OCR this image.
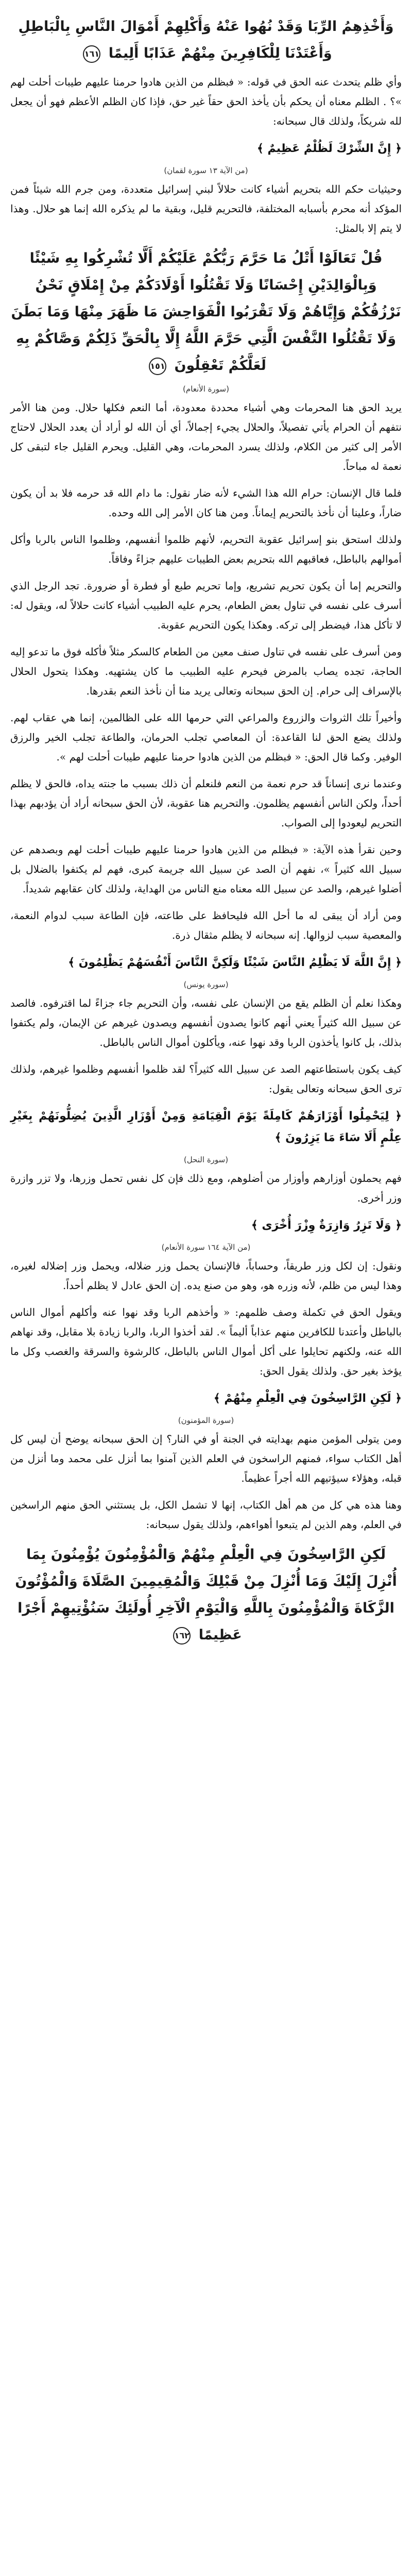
وَأَخْذِهِمُ الرِّبَا وَقَدْ نُهُوا عَنْهُ وَأَكْلِهِمْ أَمْوَالَ النَّاسِ بِالْبَاطِلِ وَأَعْتَدْنَا لِلْكَافِرِينَ مِنْهُمْ عَذَابًا أَلِيمًا ١٦١

وأي ظلم يتحدث عنه الحق في قوله: « فبظلم من الذين هادوا حرمنا عليهم طيبات أحلت لهم »؟ . الظلم معناه أن يحكم بأن يأخذ الحق حقاً غير حق، فإذا كان الظلم الأعظم فهو أن يجعل لله شريكاً، ولذلك قال سبحانه:

﴿ إِنَّ الشِّرْكَ لَظُلْمٌ عَظِيمٌ ﴾
(من الآية ١٣ سورة لقمان)

وحيثيات حكم الله بتحريم أشياء كانت حلالاً لبني إسرائيل متعددة، ومن جرم الله شيئاً فمن المؤكد أنه محرم بأسبابه المختلفة، فالتحريم قليل، وبقية ما لم يذكره الله إنما هو حلال. وهذا لا يتم إلا بالمثل:

قُلْ تَعَالَوْا أَتْلُ مَا حَرَّمَ رَبُّكُمْ عَلَيْكُمْ أَلَّا تُشْرِكُوا بِهِ شَيْئًا وَبِالْوَالِدَيْنِ إِحْسَانًا وَلَا تَقْتُلُوا أَوْلَادَكُمْ مِنْ إِمْلَاقٍ نَحْنُ نَرْزُقُكُمْ وَإِيَّاهُمْ وَلَا تَقْرَبُوا الْفَوَاحِشَ مَا ظَهَرَ مِنْهَا وَمَا بَطَنَ وَلَا تَقْتُلُوا النَّفْسَ الَّتِي حَرَّمَ اللَّهُ إِلَّا بِالْحَقِّ ذَلِكُمْ وَصَّاكُمْ بِهِ لَعَلَّكُمْ تَعْقِلُونَ ١٥١
(سورة الأنعام)

يريد الحق هنا المحرمات وهي أشياء محددة معدودة، أما النعم فكلها حلال. ومن هنا الأمر نتفهم أن الحرام يأتي تفصيلاً، والحلال يجيء إجمالاً، أي أن الله لو أراد أن يعدد الحلال لاحتاج الأمر إلى كثير من الكلام، ولذلك يسرد المحرمات، وهي القليل. ويحرم القليل جاء لتبقى كل نعمة له مباحاً.

فلما قال الإنسان: حرام الله هذا الشيء لأنه ضار نقول: ما دام الله قد حرمه فلا بد أن يكون ضاراً، وعلينا أن نأخذ بالتحريم إيماناً. ومن هنا كان الأمر إلى الله وحده.

ولذلك استحق بنو إسرائيل عقوبة التحريم، لأنهم ظلموا أنفسهم، وظلموا الناس بالربا وأكل أموالهم بالباطل، فعاقبهم الله بتحريم بعض الطيبات عليهم جزاءً وفاقاً.

والتحريم إما أن يكون تحريم تشريع، وإما تحريم طبع أو فطرة أو ضرورة. تجد الرجل الذي أسرف على نفسه في تناول بعض الطعام، يحرم عليه الطبيب أشياء كانت حلالاً له، ويقول له: لا تأكل هذا، فيضطر إلى تركه. وهكذا يكون التحريم عقوبة.

ومن أسرف على نفسه في تناول صنف معين من الطعام كالسكر مثلاً فأكله فوق ما تدعو إليه الحاجة، تجده يصاب بالمرض فيحرم عليه الطبيب ما كان يشتهيه. وهكذا يتحول الحلال بالإسراف إلى حرام. إن الحق سبحانه وتعالى يريد منا أن نأخذ النعم بقدرها.

وأخيراً تلك الثروات والزروع والمراعي التي حرمها الله على الظالمين، إنما هي عقاب لهم. ولذلك يضع الحق لنا القاعدة: أن المعاصي تجلب الحرمان، والطاعة تجلب الخير والرزق الوفير. وكما قال الحق: « فبظلم من الذين هادوا حرمنا عليهم طيبات أحلت لهم ».

وعندما نرى إنساناً قد حرم نعمة من النعم فلنعلم أن ذلك بسبب ما جنته يداه، فالحق لا يظلم أحداً، ولكن الناس أنفسهم يظلمون. والتحريم هنا عقوبة، لأن الحق سبحانه أراد أن يؤدبهم بهذا التحريم ليعودوا إلى الصواب.

وحين نقرأ هذه الآية: « فبظلم من الذين هادوا حرمنا عليهم طيبات أحلت لهم وبصدهم عن سبيل الله كثيراً »، نفهم أن الصد عن سبيل الله جريمة كبرى، فهم لم يكتفوا بالضلال بل أضلوا غيرهم، والصد عن سبيل الله معناه منع الناس من الهداية، ولذلك كان عقابهم شديداً.

ومن أراد أن يبقى له ما أحل الله فليحافظ على طاعته، فإن الطاعة سبب لدوام النعمة، والمعصية سبب لزوالها. إنه سبحانه لا يظلم مثقال ذرة.

﴿ إِنَّ اللَّهَ لَا يَظْلِمُ النَّاسَ شَيْئًا وَلَكِنَّ النَّاسَ أَنْفُسَهُمْ يَظْلِمُونَ ﴾
(سورة يونس)

وهكذا نعلم أن الظلم يقع من الإنسان على نفسه، وأن التحريم جاء جزاءً لما اقترفوه. فالصد عن سبيل الله كثيراً يعني أنهم كانوا يصدون أنفسهم ويصدون غيرهم عن الإيمان، ولم يكتفوا بذلك، بل كانوا يأخذون الربا وقد نهوا عنه، ويأكلون أموال الناس بالباطل.

كيف يكون باستطاعتهم الصد عن سبيل الله كثيراً؟ لقد ظلموا أنفسهم وظلموا غيرهم، ولذلك ترى الحق سبحانه وتعالى يقول:

﴿ لِيَحْمِلُوا أَوْزَارَهُمْ كَامِلَةً يَوْمَ الْقِيَامَةِ وَمِنْ أَوْزَارِ الَّذِينَ يُضِلُّونَهُمْ بِغَيْرِ عِلْمٍ أَلَا سَاءَ مَا يَزِرُونَ ﴾
(سورة النحل)

فهم يحملون أوزارهم وأوزار من أضلوهم، ومع ذلك فإن كل نفس تحمل وزرها، ولا تزر وازرة وزر أخرى.

﴿ وَلَا تَزِرُ وَازِرَةٌ وِزْرَ أُخْرَى ﴾
(من الآية ١٦٤ سورة الأنعام)

ونقول: إن لكل وزر طريقاً، وحساباً، فالإنسان يحمل وزر ضلاله، ويحمل وزر إضلاله لغيره، وهذا ليس من ظلم، لأنه وزره هو، وهو من صنع يده. إن الحق عادل لا يظلم أحداً.

ويقول الحق في تكملة وصف ظلمهم: « وأخذهم الربا وقد نهوا عنه وأكلهم أموال الناس بالباطل وأعتدنا للكافرين منهم عذاباً أليماً ». لقد أخذوا الربا، والربا زيادة بلا مقابل، وقد نهاهم الله عنه، ولكنهم تحايلوا على أكل أموال الناس بالباطل، كالرشوة والسرقة والغصب وكل ما يؤخذ بغير حق. ولذلك يقول الحق:

﴿ لَكِنِ الرَّاسِخُونَ فِي الْعِلْمِ مِنْهُمْ ﴾
(سورة المؤمنون)

ومن يتولى المؤمن منهم بهدايته في الجنة أو في النار؟ إن الحق سبحانه يوضح أن ليس كل أهل الكتاب سواء، فمنهم الراسخون في العلم الذين آمنوا بما أنزل على محمد وما أنزل من قبله، وهؤلاء سيؤتيهم الله أجراً عظيماً.

وهنا هذه هي كل من هم أهل الكتاب، إنها لا تشمل الكل، بل يستثني الحق منهم الراسخين في العلم، وهم الذين لم يتبعوا أهواءهم، ولذلك يقول سبحانه:

لَكِنِ الرَّاسِخُونَ فِي الْعِلْمِ مِنْهُمْ وَالْمُؤْمِنُونَ يُؤْمِنُونَ بِمَا أُنْزِلَ إِلَيْكَ وَمَا أُنْزِلَ مِنْ قَبْلِكَ وَالْمُقِيمِينَ الصَّلَاةَ وَالْمُؤْتُونَ الزَّكَاةَ وَالْمُؤْمِنُونَ بِاللَّهِ وَالْيَوْمِ الْآخِرِ أُولَئِكَ سَنُؤْتِيهِمْ أَجْرًا عَظِيمًا ١٦٢
